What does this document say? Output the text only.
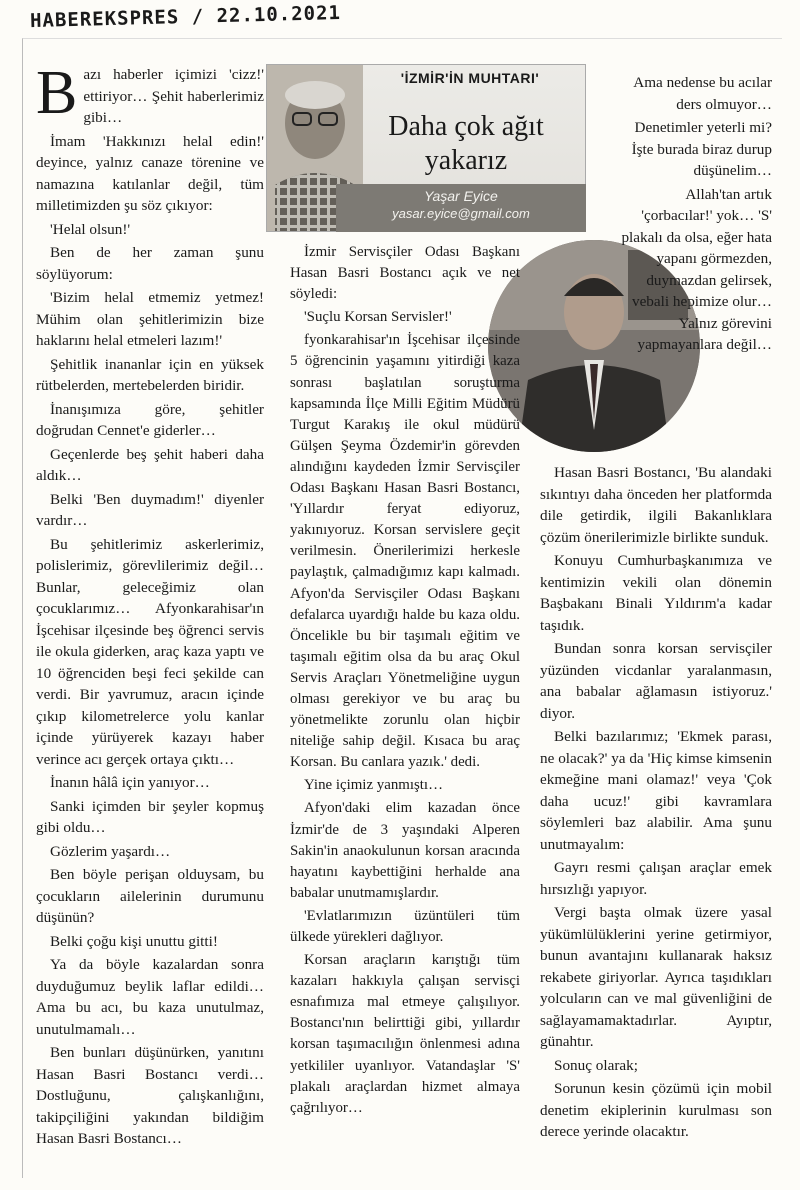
HABEREKSPRES / 22.10.2021
'İZMİR'İN MUHTARI'
Daha çok ağıt yakarız
Yaşar Eyice
yasar.eyice@gmail.com

Bazı haberler içimizi 'cizz!' ettiriyor… Şehit haberlerimiz gibi…

İmam 'Hakkınızı helal edin!' deyince, yalnız canaze törenine ve namazına katılanlar değil, tüm milletimizden şu söz çıkıyor:

'Helal olsun!'

Ben de her zaman şunu söylüyorum:

'Bizim helal etmemiz yetmez! Mühim olan şehitlerimizin bize haklarını helal etmeleri lazım!'

Şehitlik inananlar için en yüksek rütbelerden, mertebelerden biridir.

İnanışımıza göre, şehitler doğrudan Cennet'e giderler…

Geçenlerde beş şehit haberi daha aldık…

Belki 'Ben duymadım!' diyenler vardır…

Bu şehitlerimiz askerlerimiz, polislerimiz, görevlilerimiz değil… Bunlar, geleceğimiz olan çocuklarımız… Afyonkarahisar'ın İşcehisar ilçesinde beş öğrenci servis ile okula giderken, araç kaza yaptı ve 10 öğrenciden beşi feci şekilde can verdi. Bir yavrumuz, aracın içinde çıkıp kilometrelerce yolu kanlar içinde yürüyerek kazayı haber verince acı gerçek ortaya çıktı…

İnanın hâlâ için yanıyor…

Sanki içimden bir şeyler kopmuş gibi oldu…

Gözlerim yaşardı…

Ben böyle perişan olduysam, bu çocukların ailelerinin durumunu düşünün?

Belki çoğu kişi unuttu gitti!

Ya da böyle kazalardan sonra duyduğumuz beylik laflar edildi… Ama bu acı, bu kaza unutulmaz, unutulmamalı…

Ben bunları düşünürken, yanıtını Hasan Basri Bostancı verdi… Dostluğunu, çalışkanlığını, takipçiliğini yakından bildiğim Hasan Basri Bostancı…

İzmir Servisçiler Odası Başkanı Hasan Basri Bostancı açık ve net söyledi:

'Suçlu Korsan Servisler!'

fyonkarahisar'ın İşcehisar ilçesinde 5 öğrencinin yaşamını yitirdiği kaza sonrası başlatılan soruşturma kapsamında İlçe Milli Eğitim Müdürü Turgut Karakış ile okul müdürü Gülşen Şeyma Özdemir'in görevden alındığını kaydeden İzmir Servisçiler Odası Başkanı Hasan Basri Bostancı, 'Yıllardır feryat ediyoruz, yakınıyoruz. Korsan servislere geçit verilmesin. Önerilerimizi herkesle paylaştık, çalmadığımız kapı kalmadı. Afyon'da Servisçiler Odası Başkanı defalarca uyardığı halde bu kaza oldu. Öncelikle bu bir taşımalı eğitim ve taşımalı eğitim olsa da bu araç Okul Servis Araçları Yönetmeliğine uygun olması gerekiyor ve bu araç bu yönetmelikte zorunlu olan hiçbir niteliğe sahip değil. Kısaca bu araç Korsan. Bu canlara yazık.' dedi.

Yine içimiz yanmıştı…

Afyon'daki elim kazadan önce İzmir'de de 3 yaşındaki Alperen Sakin'in anaokulunun korsan aracında hayatını kaybettiğini herhalde ana babalar unutmamışlardır.

'Evlatlarımızın üzüntüleri tüm ülkede yürekleri dağlıyor.

Korsan araçların karıştığı tüm kazaları hakkıyla çalışan servisçi esnafımıza mal etmeye çalışılıyor. Bostancı'nın belirttiği gibi, yıllardır korsan taşımacılığın önlenmesi adına yetkililer uyanlıyor. Vatandaşlar 'S' plakalı araçlardan hizmet almaya çağrılıyor…

Ama nedense bu acılar ders olmuyor…

Denetimler yeterli mi? İşte burada biraz durup düşünelim…

Allah'tan artık 'çorbacılar!' yok… 'S' plakalı da olsa, eğer hata yapanı görmezden, duymazdan gelirsek, vebali hepimize olur… Yalnız görevini yapmayanlara değil…

Hasan Basri Bostancı, 'Bu alandaki sıkıntıyı daha önceden her platformda dile getirdik, ilgili Bakanlıklara çözüm önerilerimizle birlikte sunduk.

Konuyu Cumhurbaşkanımıza ve kentimizin vekili olan dönemin Başbakanı Binali Yıldırım'a kadar taşıdık.

Bundan sonra korsan servisçiler yüzünden vicdanlar yaralanmasın, ana babalar ağlamasın istiyoruz.' diyor.

Belki bazılarımız; 'Ekmek parası, ne olacak?' ya da 'Hiç kimse kimsenin ekmeğine mani olamaz!' veya 'Çok daha ucuz!' gibi kavramlara söylemleri baz alabilir. Ama şunu unutmayalım:

Gayrı resmi çalışan araçlar emek hırsızlığı yapıyor.

Vergi başta olmak üzere yasal yükümlülüklerini yerine getirmiyor, bunun avantajını kullanarak haksız rekabete giriyorlar. Ayrıca taşıdıkları yolcuların can ve mal güvenliğini de sağlayamamaktadırlar. Ayıptır, günahtır.

Sonuç olarak;

Sorunun kesin çözümü için mobil denetim ekiplerinin kurulması son derece yerinde olacaktır.
